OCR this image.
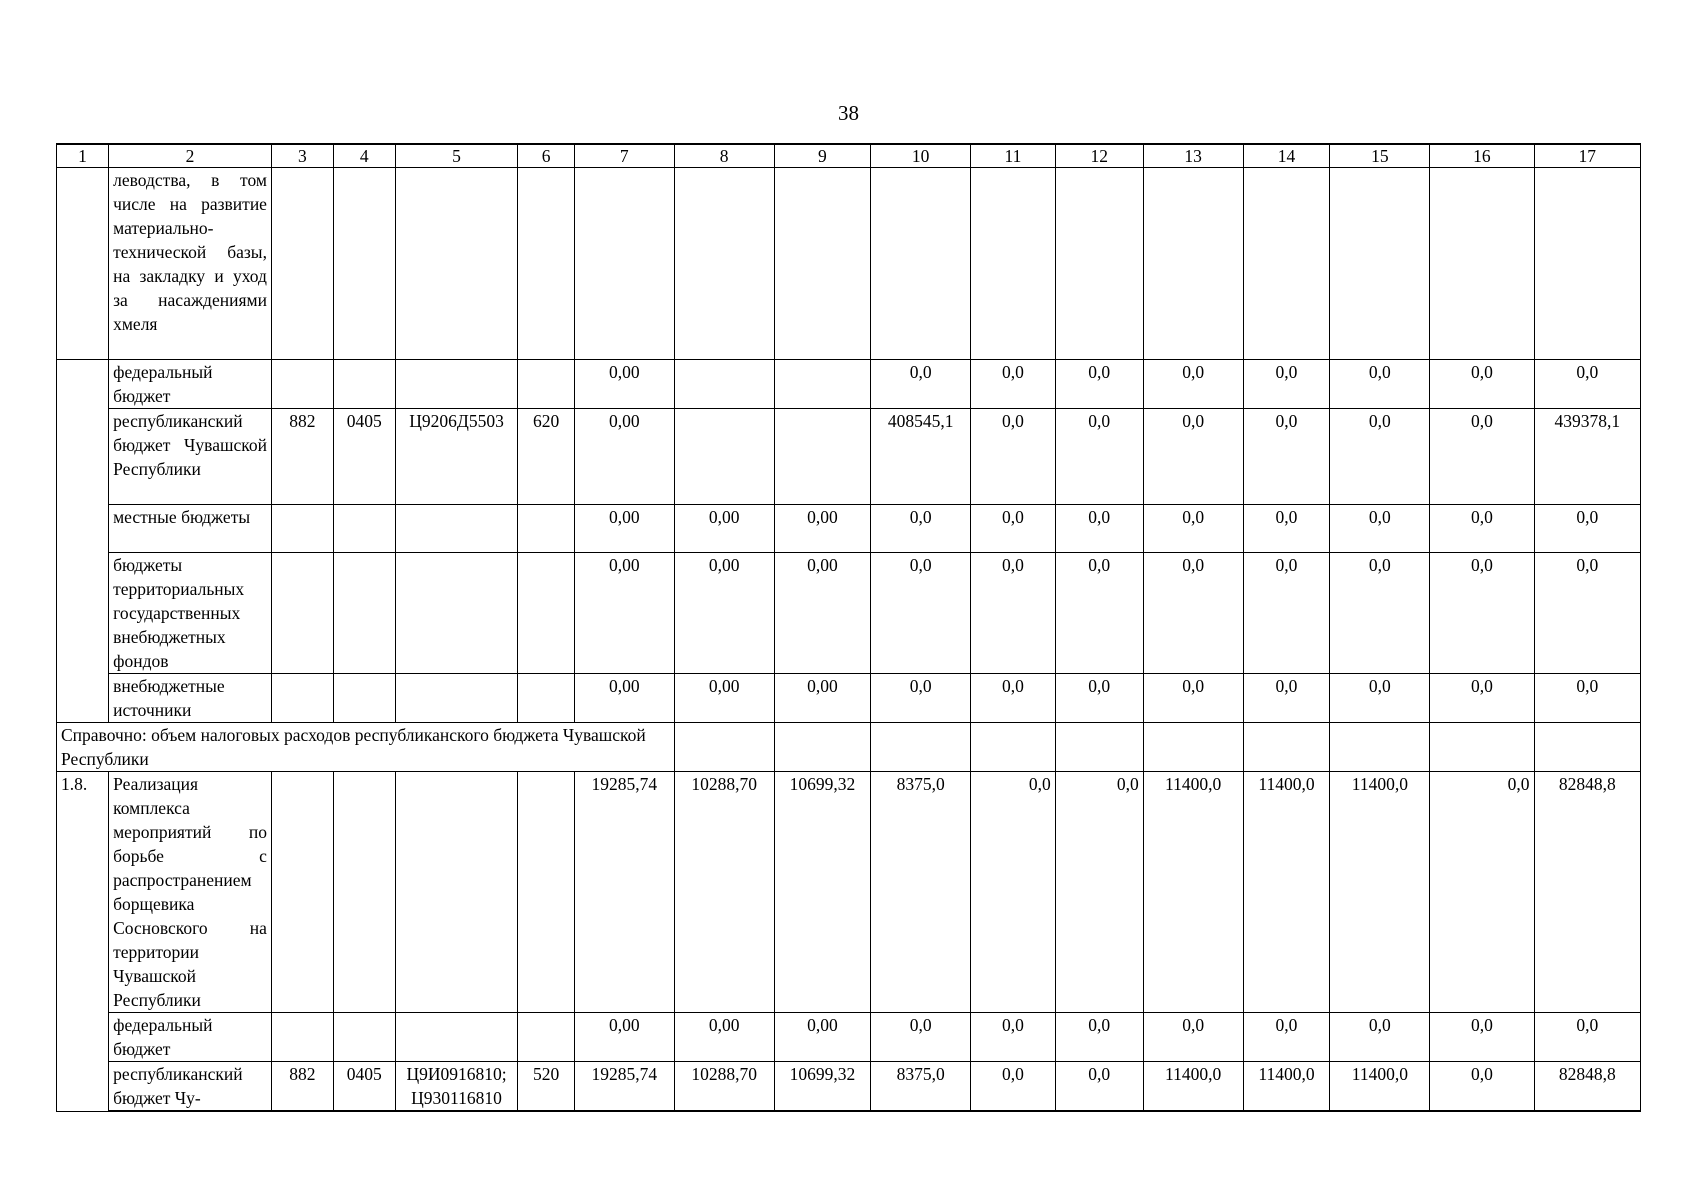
38
1	2	3	4	5	6	7	8	9	10	11	12	13	14	15	16	17
	леводства, в том числе на развитие материально-технической базы, на закладку и уход за насаждениями хмеля															
	федеральный бюджет					0,00			0,0	0,0	0,0	0,0	0,0	0,0	0,0	0,0
	республиканский бюджет Чувашской Республики	882	0405	Ц9206Д5503	620	0,00			408545,1	0,0	0,0	0,0	0,0	0,0	0,0	439378,1
	местные бюджеты					0,00	0,00	0,00	0,0	0,0	0,0	0,0	0,0	0,0	0,0	0,0
	бюджеты территориальных государственных внебюджетных фондов					0,00	0,00	0,00	0,0	0,0	0,0	0,0	0,0	0,0	0,0	0,0
	внебюджетные источники					0,00	0,00	0,00	0,0	0,0	0,0	0,0	0,0	0,0	0,0	0,0
Справочно: объем налоговых расходов республиканского бюджета Чувашской Республики																
1.8.	Реализация комплекса мероприятий по борьбе с распространением борщевика Сосновского на территории Чувашской Республики					19285,74	10288,70	10699,32	8375,0	0,0	0,0	11400,0	11400,0	11400,0	0,0	82848,8
	федеральный бюджет					0,00	0,00	0,00	0,0	0,0	0,0	0,0	0,0	0,0	0,0	0,0
	республиканский бюджет Чу-	882	0405	Ц9И0916810; Ц930116810	520	19285,74	10288,70	10699,32	8375,0	0,0	0,0	11400,0	11400,0	11400,0	0,0	82848,8
